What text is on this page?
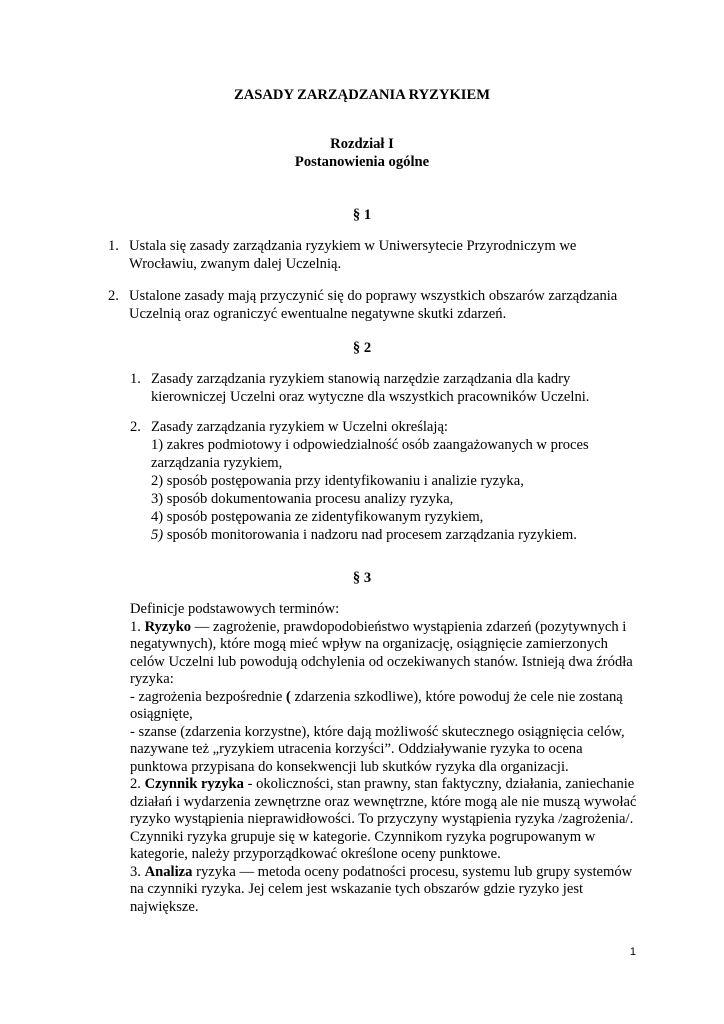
ZASADY ZARZĄDZANIA RYZYKIEM
Rozdział I
Postanowienia ogólne
§ 1
1. Ustala się zasady zarządzania ryzykiem w Uniwersytecie Przyrodniczym we
Wrocławiu, zwanym dalej Uczelnią.
2. Ustalone zasady mają przyczynić się do poprawy wszystkich obszarów zarządzania
Uczelnią oraz ograniczyć ewentualne negatywne skutki zdarzeń.
§ 2
1. Zasady zarządzania ryzykiem stanowią narzędzie zarządzania dla kadry
kierowniczej Uczelni oraz wytyczne dla wszystkich pracowników Uczelni.
2. Zasady zarządzania ryzykiem w Uczelni określają:
1) zakres podmiotowy i odpowiedzialność osób zaangażowanych w proces
zarządzania ryzykiem,
2) sposób postępowania przy identyfikowaniu i analizie ryzyka,
3) sposób dokumentowania procesu analizy ryzyka,
4) sposób postępowania ze zidentyfikowanym ryzykiem,
5) sposób monitorowania i nadzoru nad procesem zarządzania ryzykiem.
§ 3
Definicje podstawowych terminów:
1. Ryzyko — zagrożenie, prawdopodobieństwo wystąpienia zdarzeń (pozytywnych i
negatywnych), które mogą mieć wpływ na organizację, osiągnięcie zamierzonych
celów Uczelni lub powodują odchylenia od oczekiwanych stanów. Istnieją dwa źródła
ryzyka:
- zagrożenia bezpośrednie ( zdarzenia szkodliwe), które powoduj że cele nie zostaną
osiągnięte,
- szanse (zdarzenia korzystne), które dają możliwość skutecznego osiągnięcia celów,
nazywane też „ryzykiem utracenia korzyści”. Oddziaływanie ryzyka to ocena
punktowa przypisana do konsekwencji lub skutków ryzyka dla organizacji.
2. Czynnik ryzyka - okoliczności, stan prawny, stan faktyczny, działania, zaniechanie
działań i wydarzenia zewnętrzne oraz wewnętrzne, które mogą ale nie muszą wywołać
ryzyko wystąpienia nieprawidłowości. To przyczyny wystąpienia ryzyka /zagrożenia/.
Czynniki ryzyka grupuje się w kategorie. Czynnikom ryzyka pogrupowanym w
kategorie, należy przyporządkować określone oceny punktowe.
3. Analiza ryzyka — metoda oceny podatności procesu, systemu lub grupy systemów
na czynniki ryzyka. Jej celem jest wskazanie tych obszarów gdzie ryzyko jest
największe.
1
